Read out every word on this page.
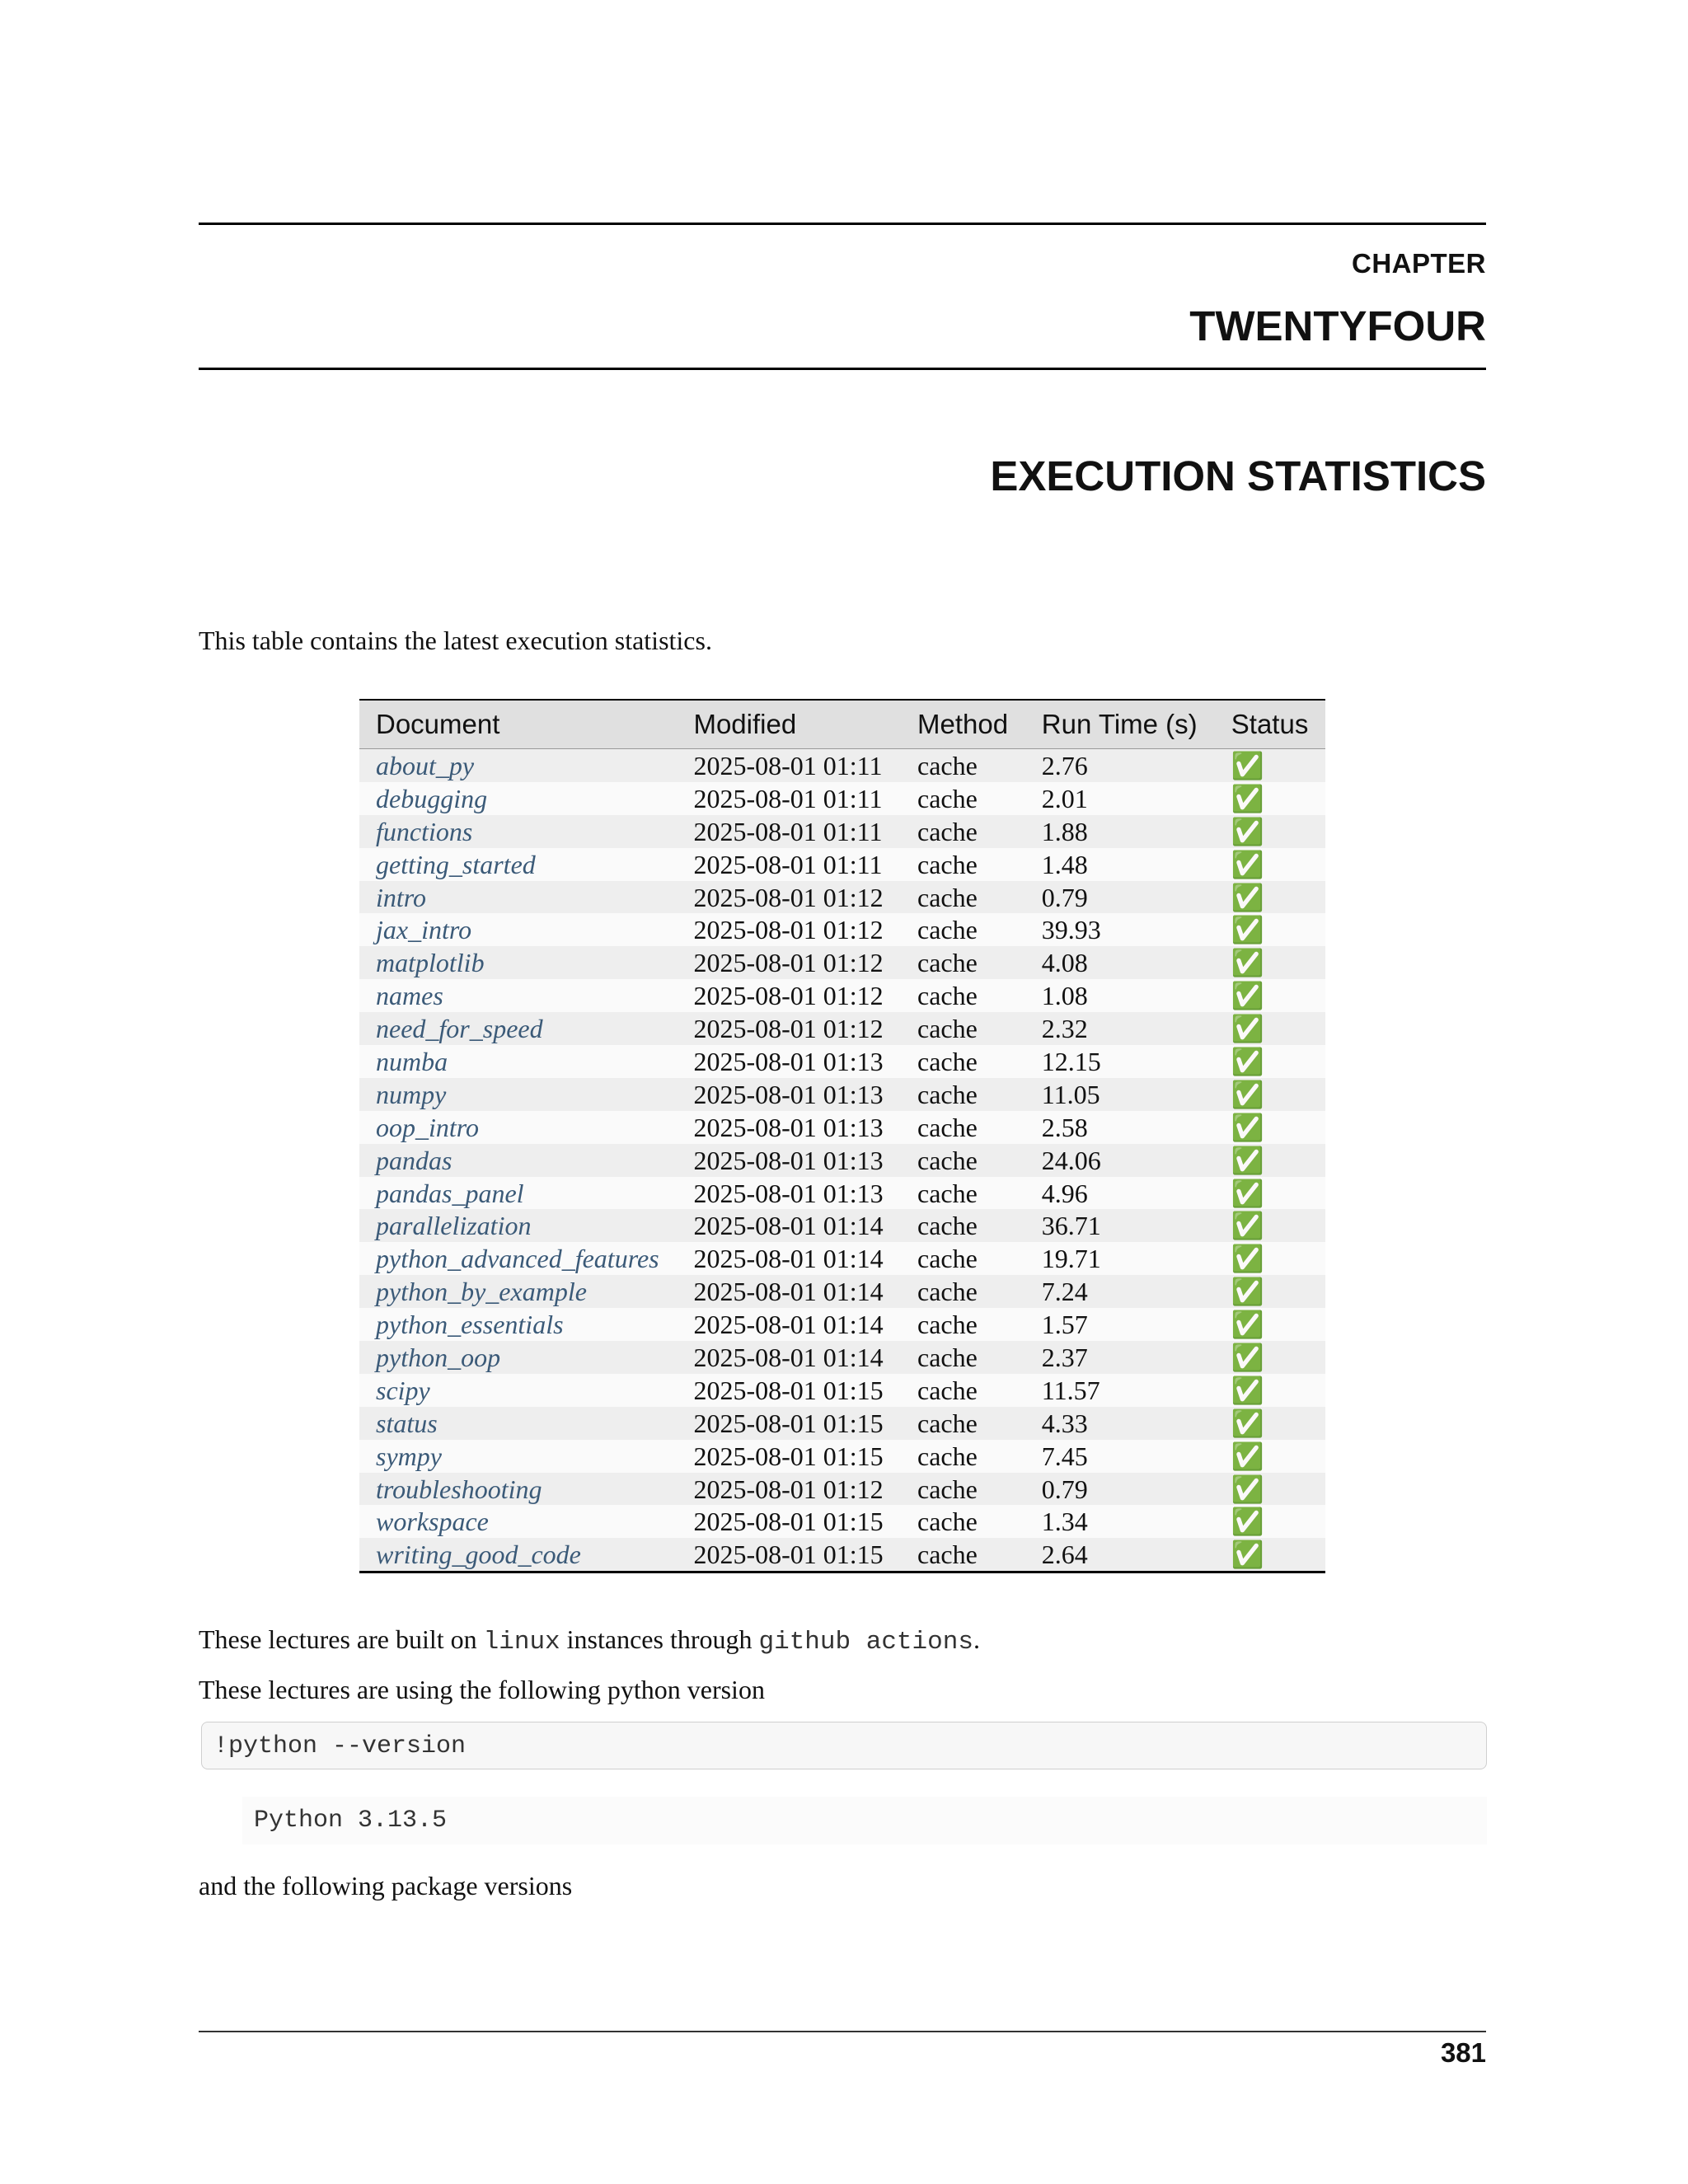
CHAPTER
TWENTYFOUR
EXECUTION STATISTICS

This table contains the latest execution statistics.

Document	Modified	Method	Run Time (s)	Status
about_py	2025-08-01 01:11	cache	2.76	✅
debugging	2025-08-01 01:11	cache	2.01	✅
functions	2025-08-01 01:11	cache	1.88	✅
getting_started	2025-08-01 01:11	cache	1.48	✅
intro	2025-08-01 01:12	cache	0.79	✅
jax_intro	2025-08-01 01:12	cache	39.93	✅
matplotlib	2025-08-01 01:12	cache	4.08	✅
names	2025-08-01 01:12	cache	1.08	✅
need_for_speed	2025-08-01 01:12	cache	2.32	✅
numba	2025-08-01 01:13	cache	12.15	✅
numpy	2025-08-01 01:13	cache	11.05	✅
oop_intro	2025-08-01 01:13	cache	2.58	✅
pandas	2025-08-01 01:13	cache	24.06	✅
pandas_panel	2025-08-01 01:13	cache	4.96	✅
parallelization	2025-08-01 01:14	cache	36.71	✅
python_advanced_features	2025-08-01 01:14	cache	19.71	✅
python_by_example	2025-08-01 01:14	cache	7.24	✅
python_essentials	2025-08-01 01:14	cache	1.57	✅
python_oop	2025-08-01 01:14	cache	2.37	✅
scipy	2025-08-01 01:15	cache	11.57	✅
status	2025-08-01 01:15	cache	4.33	✅
sympy	2025-08-01 01:15	cache	7.45	✅
troubleshooting	2025-08-01 01:12	cache	0.79	✅
workspace	2025-08-01 01:15	cache	1.34	✅
writing_good_code	2025-08-01 01:15	cache	2.64	✅

These lectures are built on linux instances through github actions.

These lectures are using the following python version

!python --version
Python 3.13.5

and the following package versions

381
